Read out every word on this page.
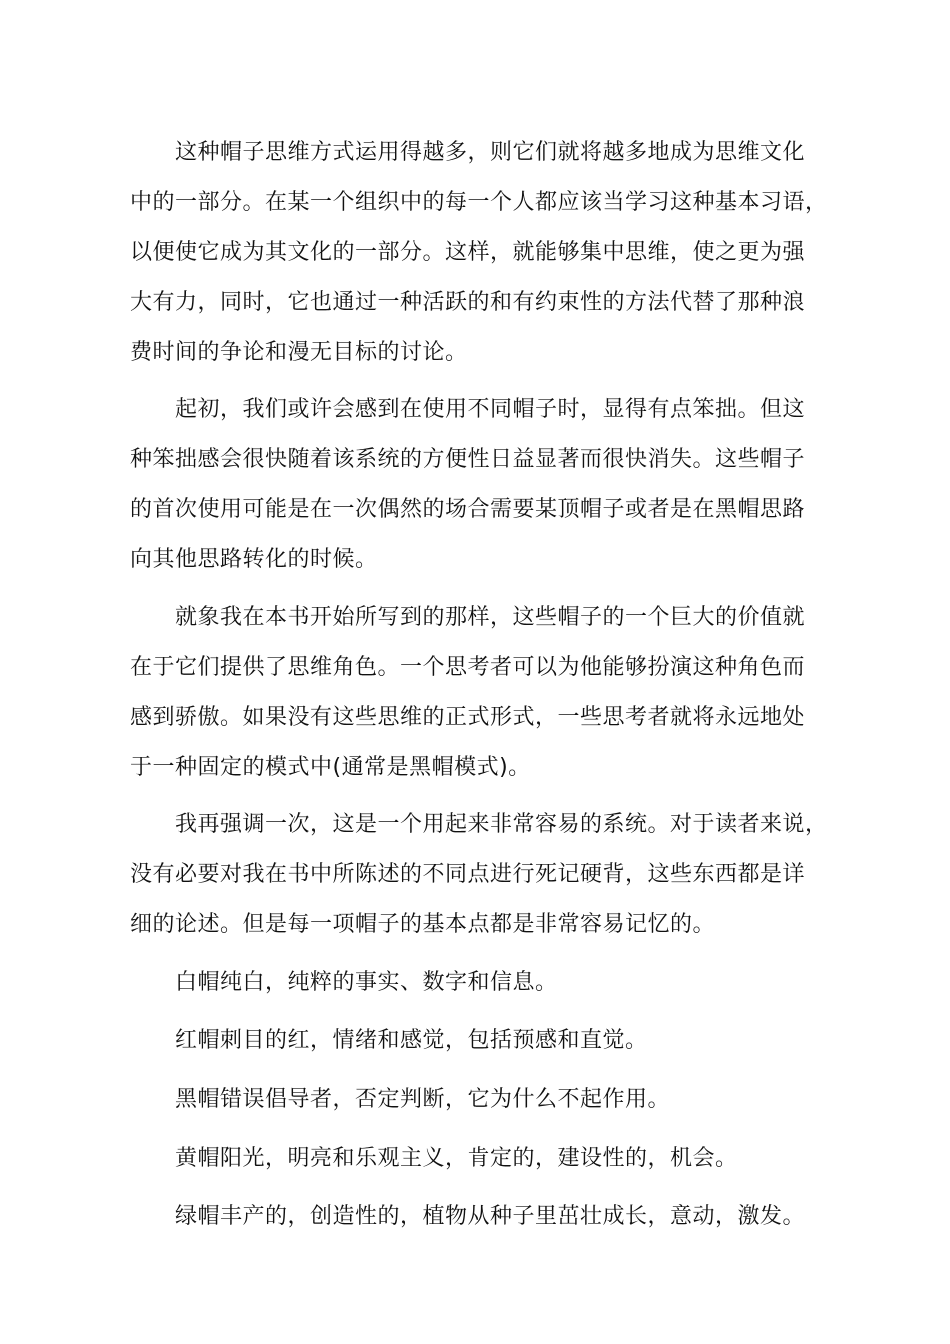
这种帽子思维方式运用得越多，则它们就将越多地成为思维文化

中的一部分。在某一个组织中的每一个人都应该当学习这种基本习语，

以便使它成为其文化的一部分。这样，就能够集中思维，使之更为强

大有力，同时，它也通过一种活跃的和有约束性的方法代替了那种浪

费时间的争论和漫无目标的讨论。

起初，我们或许会感到在使用不同帽子时，显得有点笨拙。但这

种笨拙感会很快随着该系统的方便性日益显著而很快消失。这些帽子

的首次使用可能是在一次偶然的场合需要某顶帽子或者是在黑帽思路

向其他思路转化的时候。

就象我在本书开始所写到的那样，这些帽子的一个巨大的价值就

在于它们提供了思维角色。一个思考者可以为他能够扮演这种角色而

感到骄傲。如果没有这些思维的正式形式，一些思考者就将永远地处

于一种固定的模式中(通常是黑帽模式)。

我再强调一次，这是一个用起来非常容易的系统。对于读者来说，

没有必要对我在书中所陈述的不同点进行死记硬背，这些东西都是详

细的论述。但是每一项帽子的基本点都是非常容易记忆的。

白帽纯白，纯粹的事实、数字和信息。

红帽刺目的红，情绪和感觉，包括预感和直觉。

黑帽错误倡导者，否定判断，它为什么不起作用。

黄帽阳光，明亮和乐观主义，肯定的，建设性的，机会。

绿帽丰产的，创造性的，植物从种子里茁壮成长，意动，激发。
